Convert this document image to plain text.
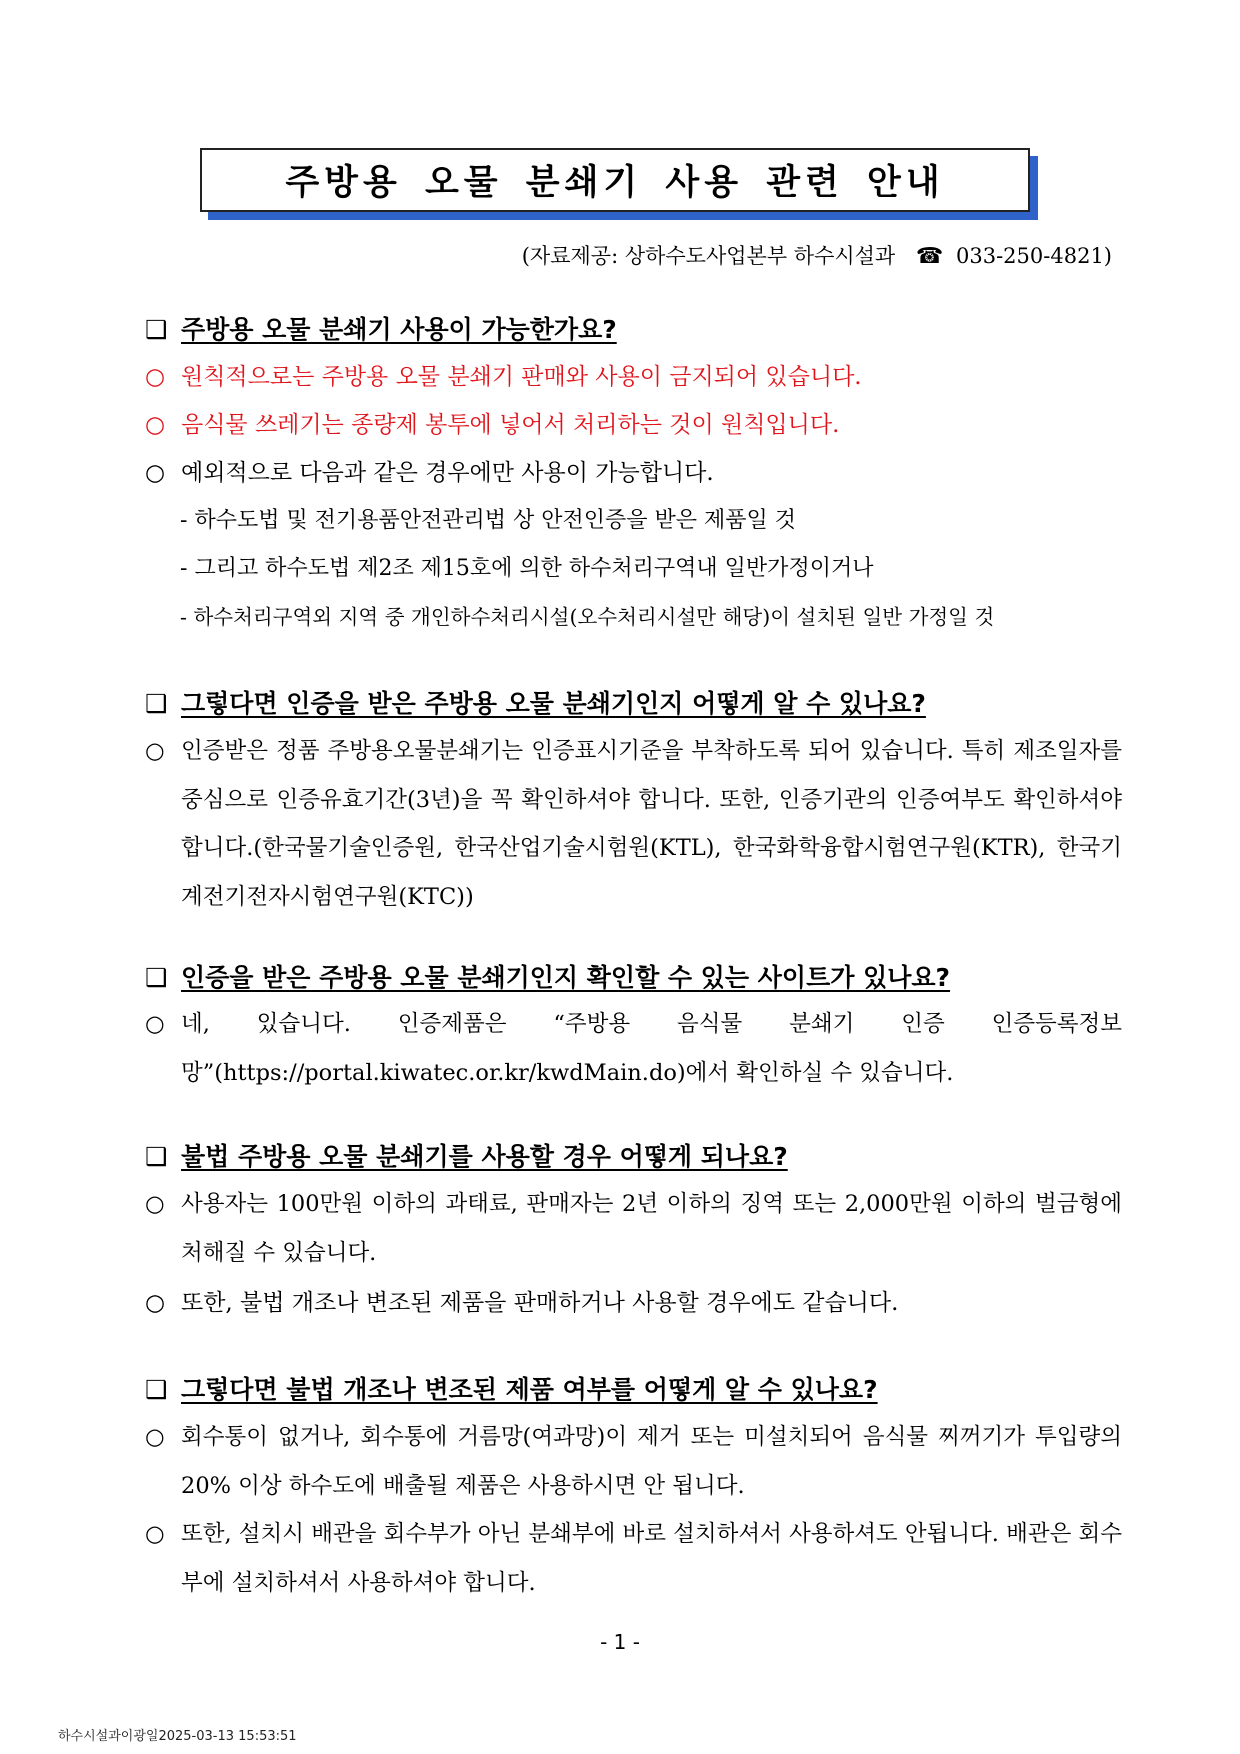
주방용 오물 분쇄기 사용 관련 안내
(자료제공: 상하수도사업본부 하수시설과 ☎ 033-250-4821)
❑ 주방용 오물 분쇄기 사용이 가능한가요?
○ 원칙적으로는 주방용 오물 분쇄기 판매와 사용이 금지되어 있습니다.
○ 음식물 쓰레기는 종량제 봉투에 넣어서 처리하는 것이 원칙입니다.
○ 예외적으로 다음과 같은 경우에만 사용이 가능합니다.
- 하수도법 및 전기용품안전관리법 상 안전인증을 받은 제품일 것
- 그리고 하수도법 제2조 제15호에 의한 하수처리구역내 일반가정이거나
- 하수처리구역외 지역 중 개인하수처리시설(오수처리시설만 해당)이 설치된 일반 가정일 것
❑ 그렇다면 인증을 받은 주방용 오물 분쇄기인지 어떻게 알 수 있나요?
○ 인증받은 정품 주방용오물분쇄기는 인증표시기준을 부착하도록 되어 있습니다. 특히 제조일자를 중심으로 인증유효기간(3년)을 꼭 확인하셔야 합니다. 또한, 인증기관의 인증여부도 확인하셔야 합니다.(한국물기술인증원, 한국산업기술시험원(KTL), 한국화학융합시험연구원(KTR), 한국기계전기전자시험연구원(KTC))
❑ 인증을 받은 주방용 오물 분쇄기인지 확인할 수 있는 사이트가 있나요?
○ 네, 있습니다. 인증제품은 “주방용 음식물 분쇄기 인증 인증등록정보망”(https://portal.kiwatec.or.kr/kwdMain.do)에서 확인하실 수 있습니다.
❑ 불법 주방용 오물 분쇄기를 사용할 경우 어떻게 되나요?
○ 사용자는 100만원 이하의 과태료, 판매자는 2년 이하의 징역 또는 2,000만원 이하의 벌금형에 처해질 수 있습니다.
○ 또한, 불법 개조나 변조된 제품을 판매하거나 사용할 경우에도 같습니다.
❑ 그렇다면 불법 개조나 변조된 제품 여부를 어떻게 알 수 있나요?
○ 회수통이 없거나, 회수통에 거름망(여과망)이 제거 또는 미설치되어 음식물 찌꺼기가 투입량의 20% 이상 하수도에 배출될 제품은 사용하시면 안 됩니다.
○ 또한, 설치시 배관을 회수부가 아닌 분쇄부에 바로 설치하셔서 사용하셔도 안됩니다. 배관은 회수부에 설치하셔서 사용하셔야 합니다.
- 1 -
하수시설과이광일2025-03-13 15:53:51
